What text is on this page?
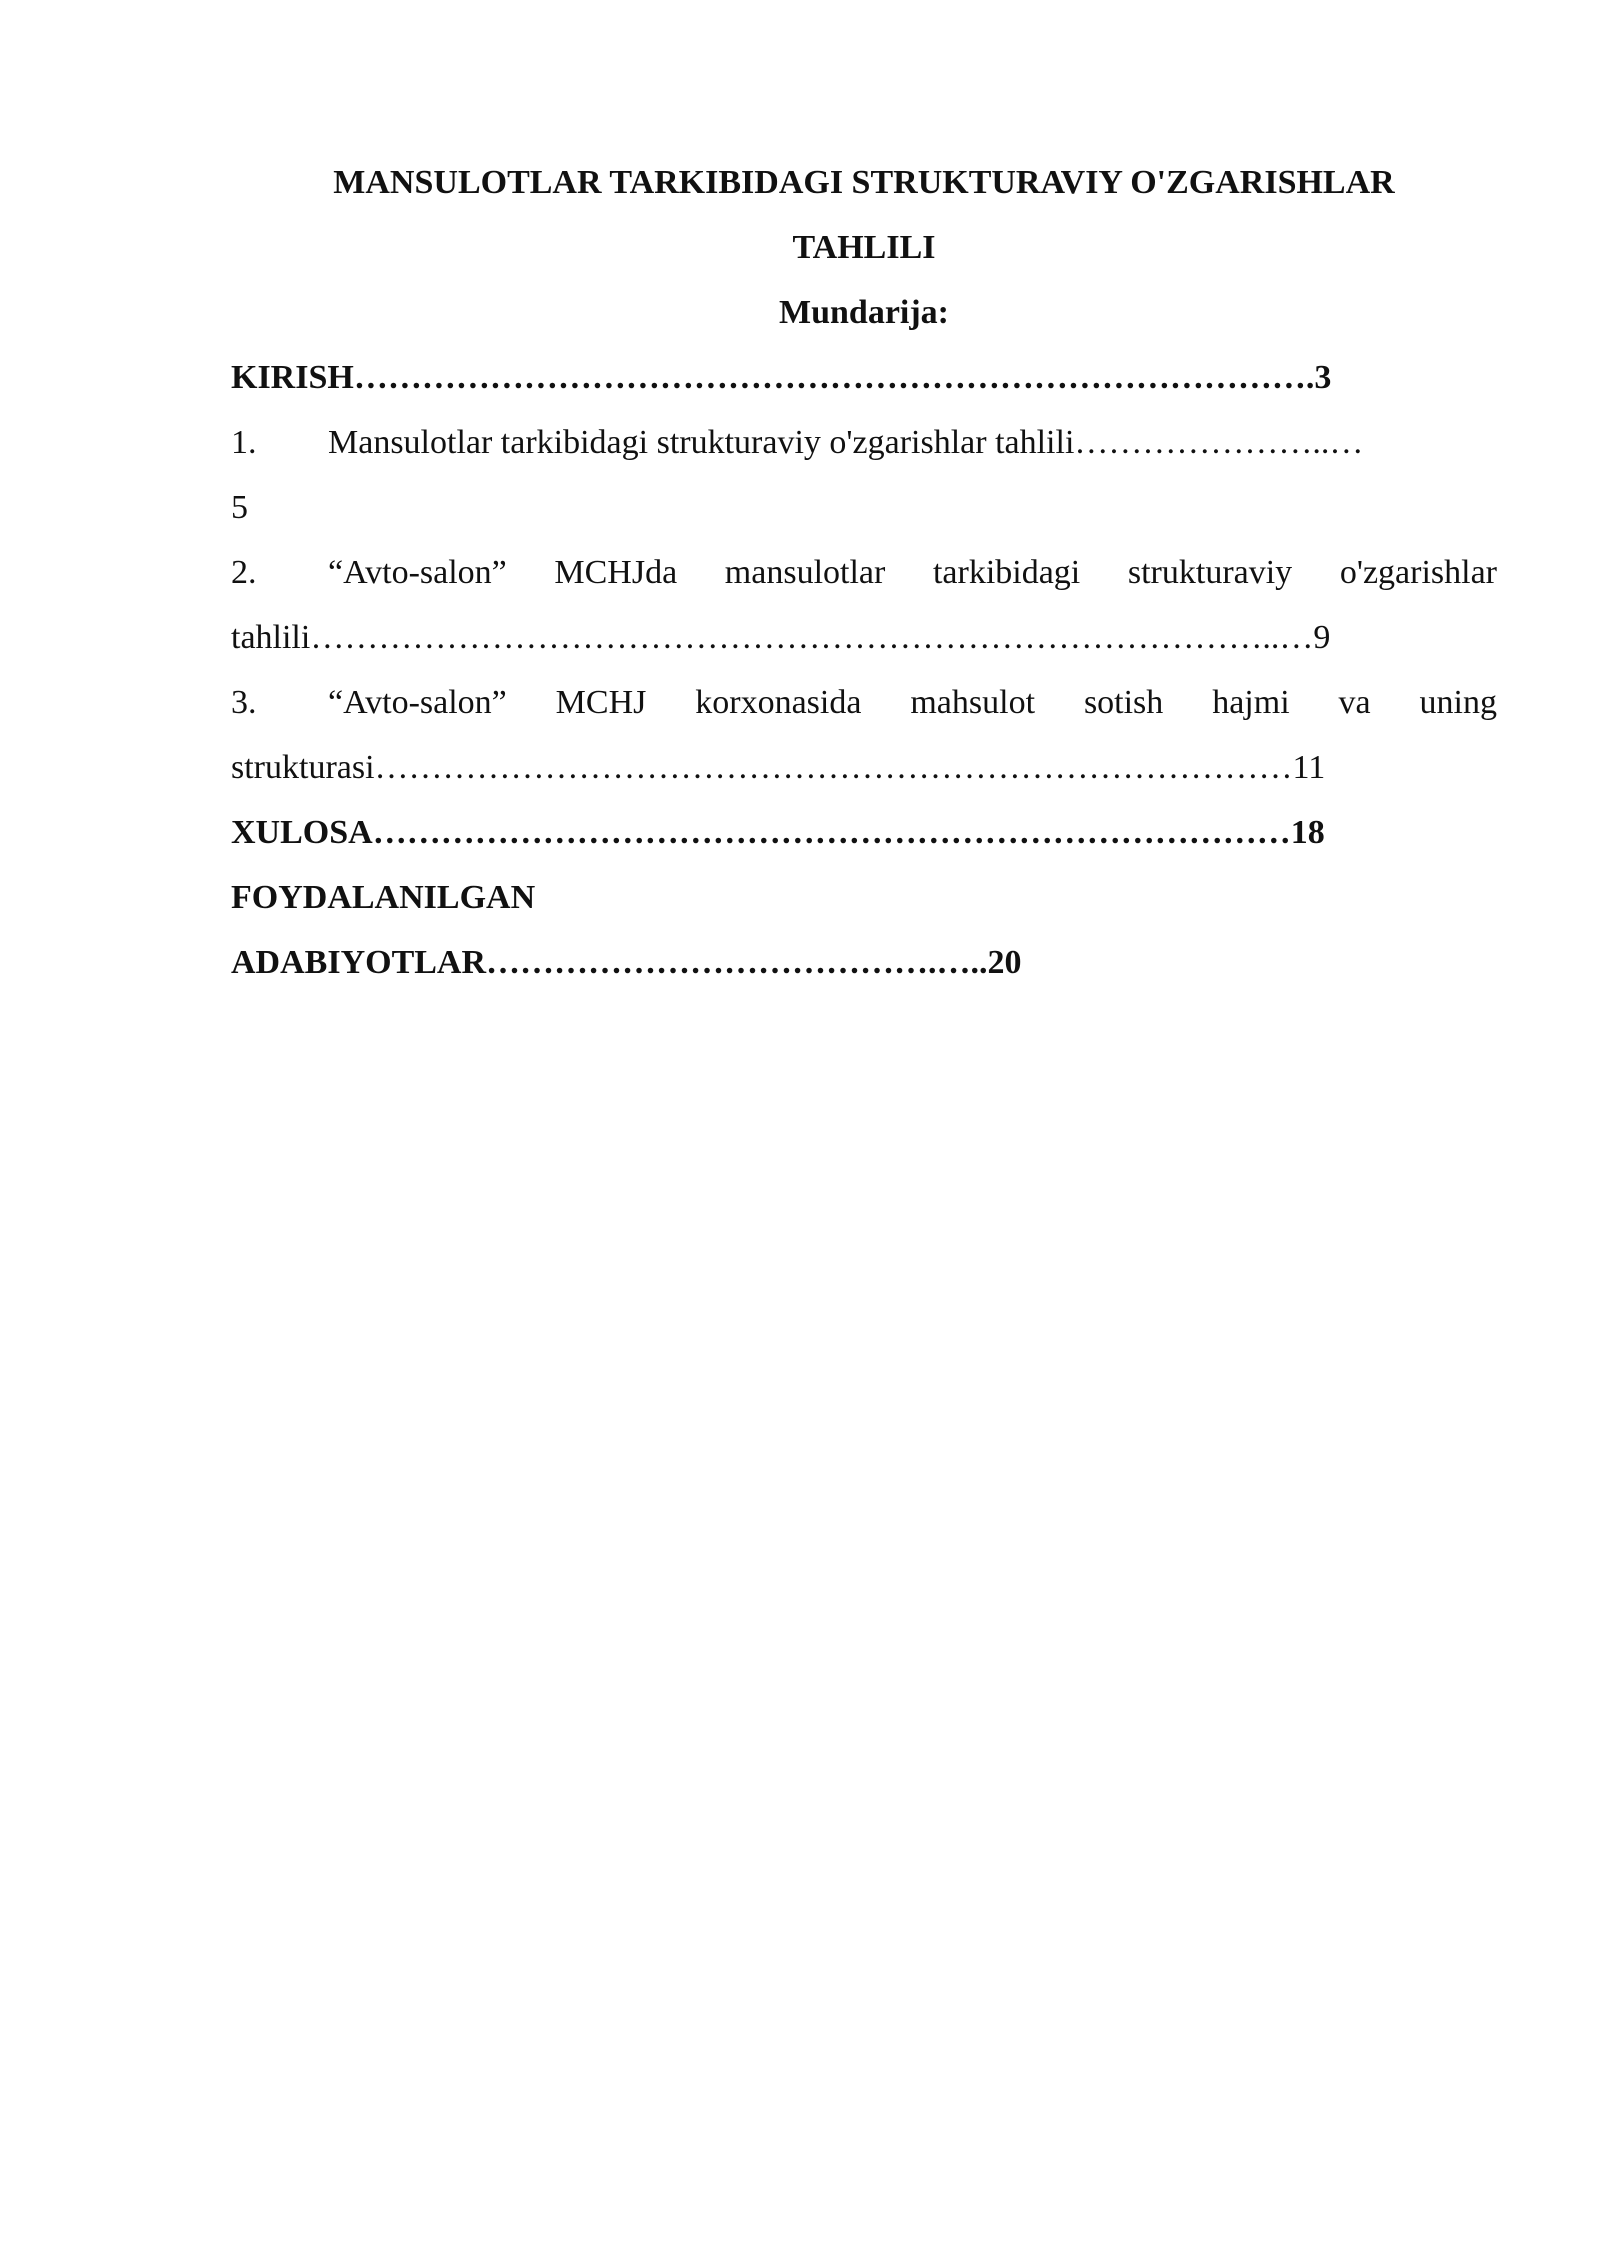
MANSULOTLAR TARKIBIDAGI STRUKTURAVIY O'ZGARISHLAR

TAHLILI

Mundarija:

KIRISH………………………………………………………………………….3

1. Mansulotlar tarkibidagi strukturaviy o'zgarishlar tahlili…………………..…

5

2. “Avto-salon” MCHJda mansulotlar tarkibidagi strukturaviy o'zgarishlar

tahlili…………………………………………………………………………..…9

3. “Avto-salon” MCHJ korxonasida mahsulot sotish hajmi va uning

strukturasi………………………………………………………………………11

XULOSA………………………………………………………………………18

FOYDALANILGAN

ADABIYOTLAR………………………………….…..20
